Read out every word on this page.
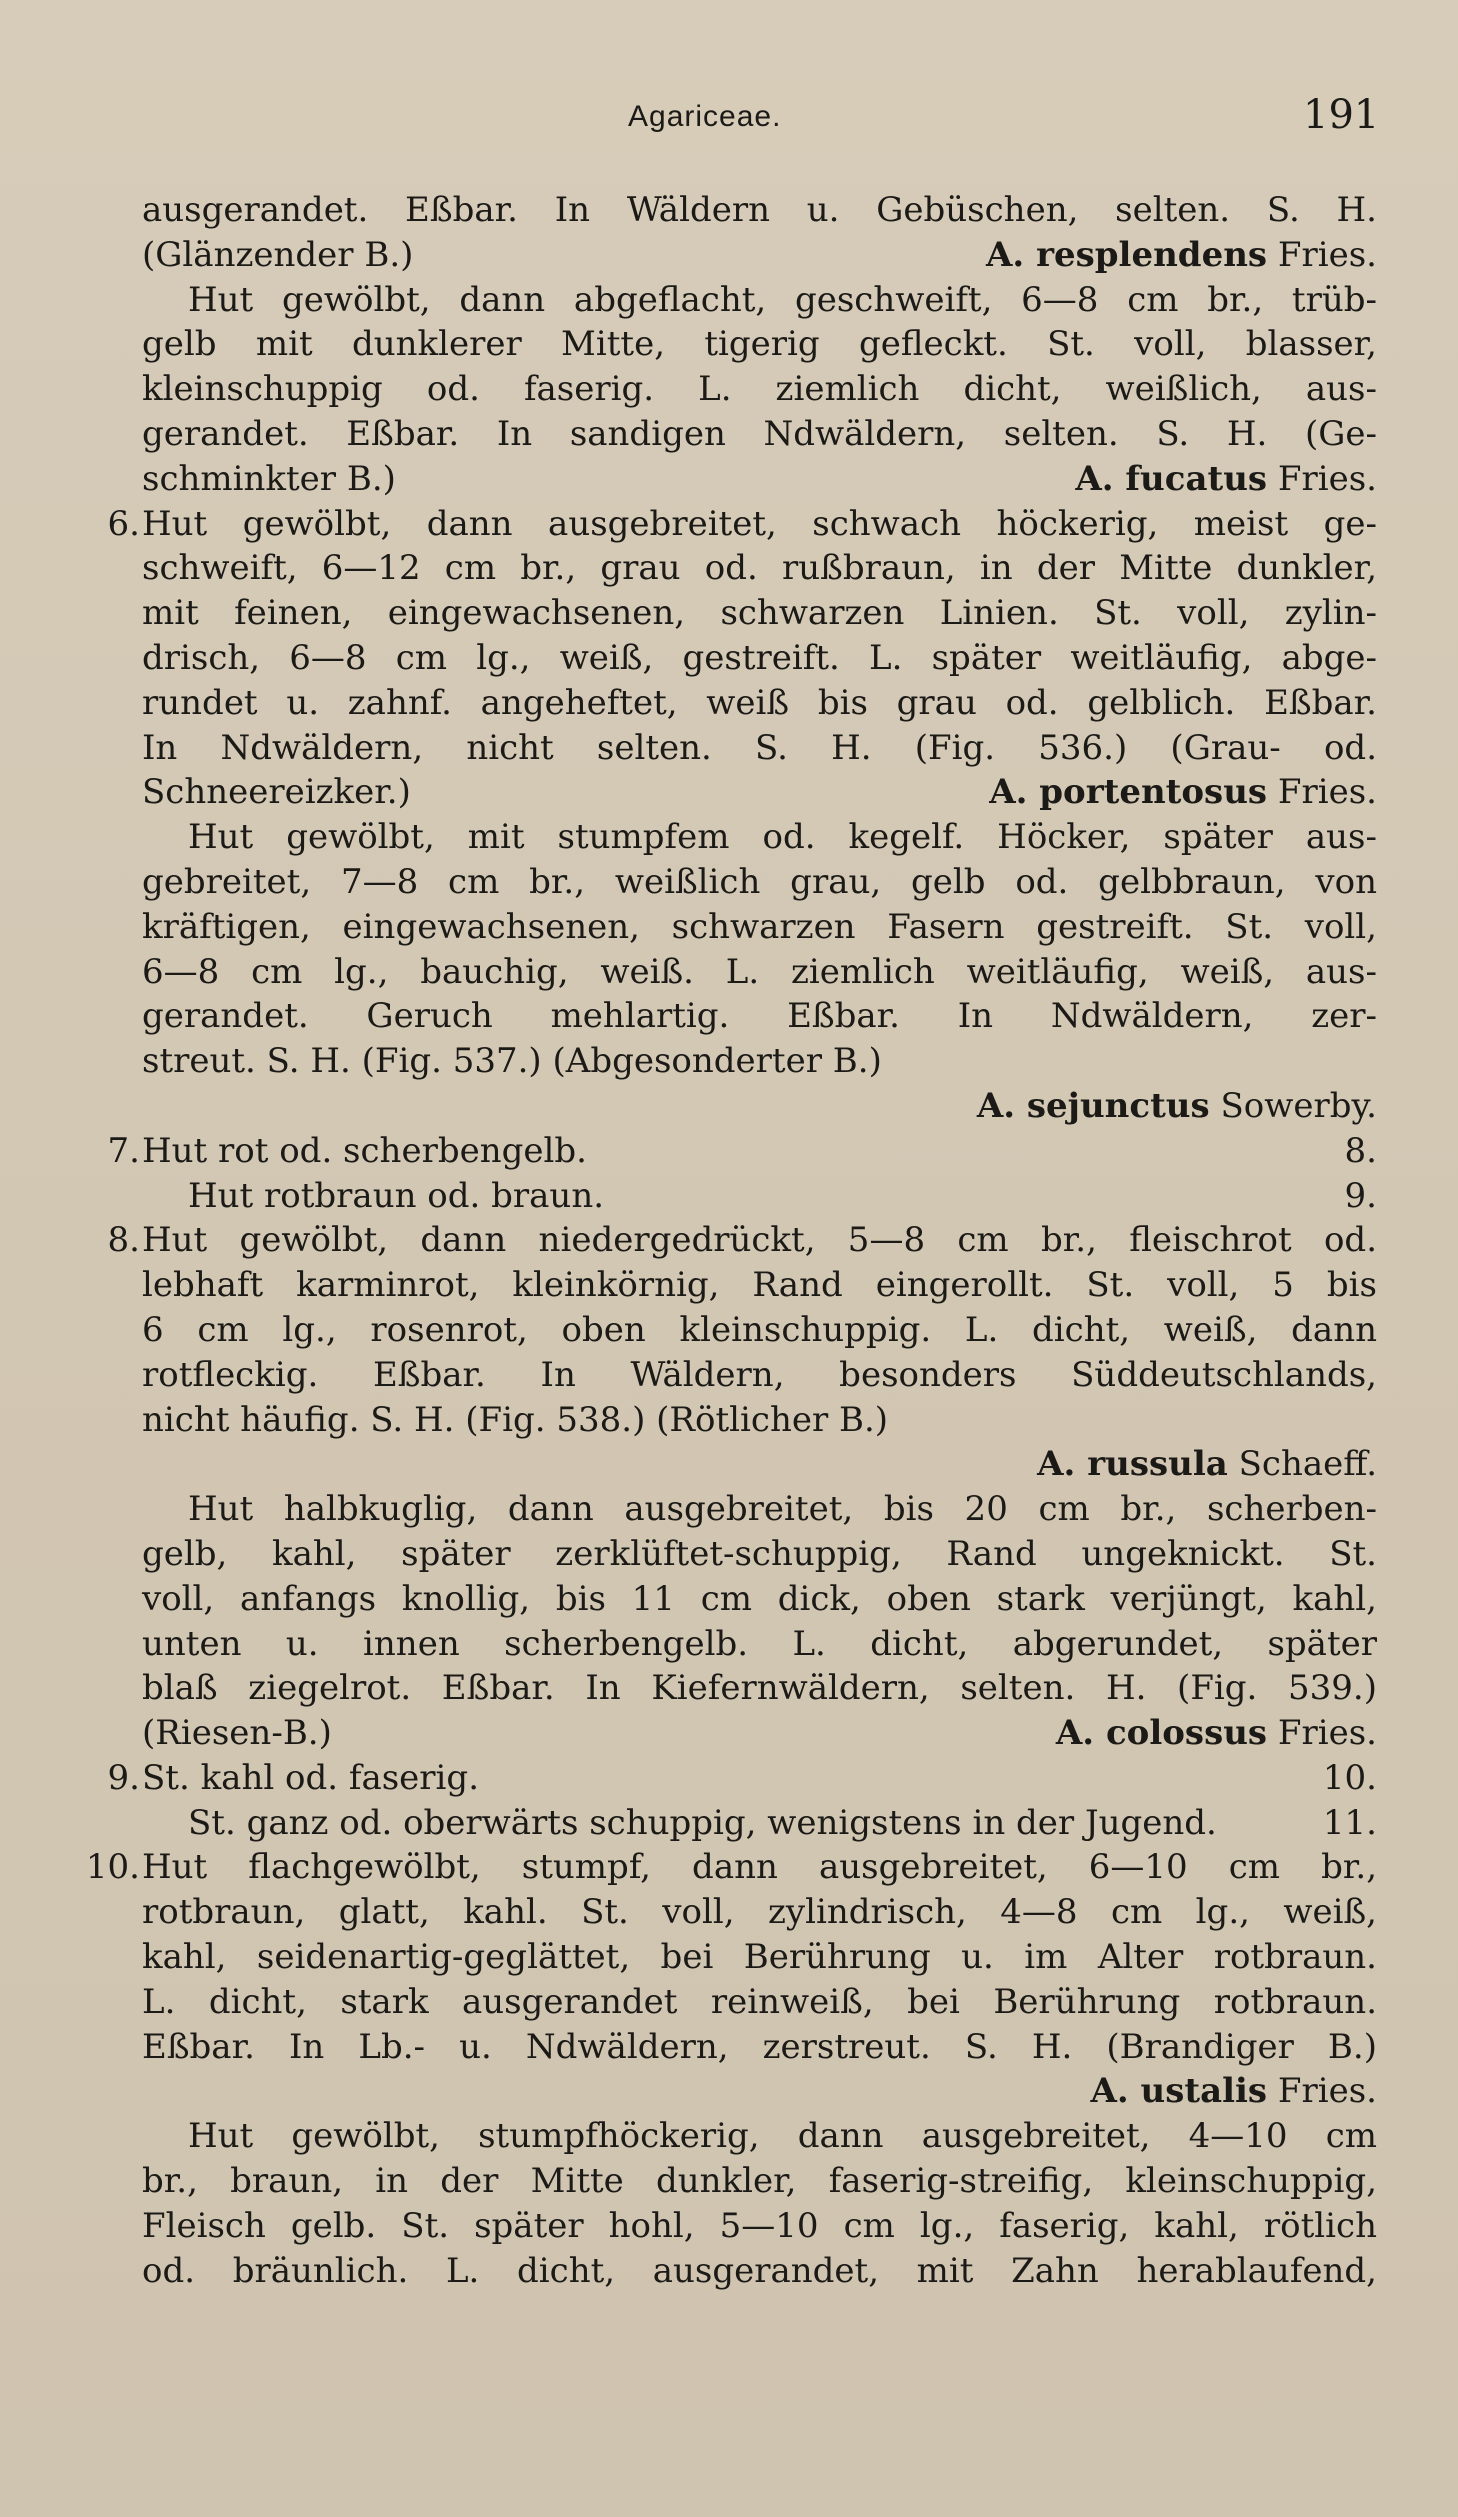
Agariceae.	191
ausgerandet. Eßbar. In Wäldern u. Gebüschen, selten. S. H.
(Glänzender B.)	A. resplendens Fries.
Hut gewölbt, dann abgeflacht, geschweift, 6—8 cm br., trüb-
gelb mit dunklerer Mitte, tigerig gefleckt. St. voll, blasser,
kleinschuppig od. faserig. L. ziemlich dicht, weißlich, aus-
gerandet. Eßbar. In sandigen Ndwäldern, selten. S. H. (Ge-
schminkter B.)	A. fucatus Fries.
6. Hut gewölbt, dann ausgebreitet, schwach höckerig, meist ge-
schweift, 6—12 cm br., grau od. rußbraun, in der Mitte dunkler,
mit feinen, eingewachsenen, schwarzen Linien. St. voll, zylin-
drisch, 6—8 cm lg., weiß, gestreift. L. später weitläufig, abge-
rundet u. zahnf. angeheftet, weiß bis grau od. gelblich. Eßbar.
In Ndwäldern, nicht selten. S. H. (Fig. 536.) (Grau- od.
Schneereizker.)	A. portentosus Fries.
Hut gewölbt, mit stumpfem od. kegelf. Höcker, später aus-
gebreitet, 7—8 cm br., weißlich grau, gelb od. gelbbraun, von
kräftigen, eingewachsenen, schwarzen Fasern gestreift. St. voll,
6—8 cm lg., bauchig, weiß. L. ziemlich weitläufig, weiß, aus-
gerandet. Geruch mehlartig. Eßbar. In Ndwäldern, zer-
streut. S. H. (Fig. 537.) (Abgesonderter B.)
A. sejunctus Sowerby.
7. Hut rot od. scherbengelb.	8.
Hut rotbraun od. braun.	9.
8. Hut gewölbt, dann niedergedrückt, 5—8 cm br., fleischrot od.
lebhaft karminrot, kleinkörnig, Rand eingerollt. St. voll, 5 bis
6 cm lg., rosenrot, oben kleinschuppig. L. dicht, weiß, dann
rotfleckig. Eßbar. In Wäldern, besonders Süddeutschlands,
nicht häufig. S. H. (Fig. 538.) (Rötlicher B.)
A. russula Schaeff.
Hut halbkuglig, dann ausgebreitet, bis 20 cm br., scherben-
gelb, kahl, später zerklüftet-schuppig, Rand ungeknickt. St.
voll, anfangs knollig, bis 11 cm dick, oben stark verjüngt, kahl,
unten u. innen scherbengelb. L. dicht, abgerundet, später
blaß ziegelrot. Eßbar. In Kiefernwäldern, selten. H. (Fig. 539.)
(Riesen-B.)	A. colossus Fries.
9. St. kahl od. faserig.	10.
St. ganz od. oberwärts schuppig, wenigstens in der Jugend.	11.
10. Hut flachgewölbt, stumpf, dann ausgebreitet, 6—10 cm br.,
rotbraun, glatt, kahl. St. voll, zylindrisch, 4—8 cm lg., weiß,
kahl, seidenartig-geglättet, bei Berührung u. im Alter rotbraun.
L. dicht, stark ausgerandet reinweiß, bei Berührung rotbraun.
Eßbar. In Lb.- u. Ndwäldern, zerstreut. S. H. (Brandiger B.)
A. ustalis Fries.
Hut gewölbt, stumpfhöckerig, dann ausgebreitet, 4—10 cm
br., braun, in der Mitte dunkler, faserig-streifig, kleinschuppig,
Fleisch gelb. St. später hohl, 5—10 cm lg., faserig, kahl, rötlich
od. bräunlich. L. dicht, ausgerandet, mit Zahn herablaufend,
